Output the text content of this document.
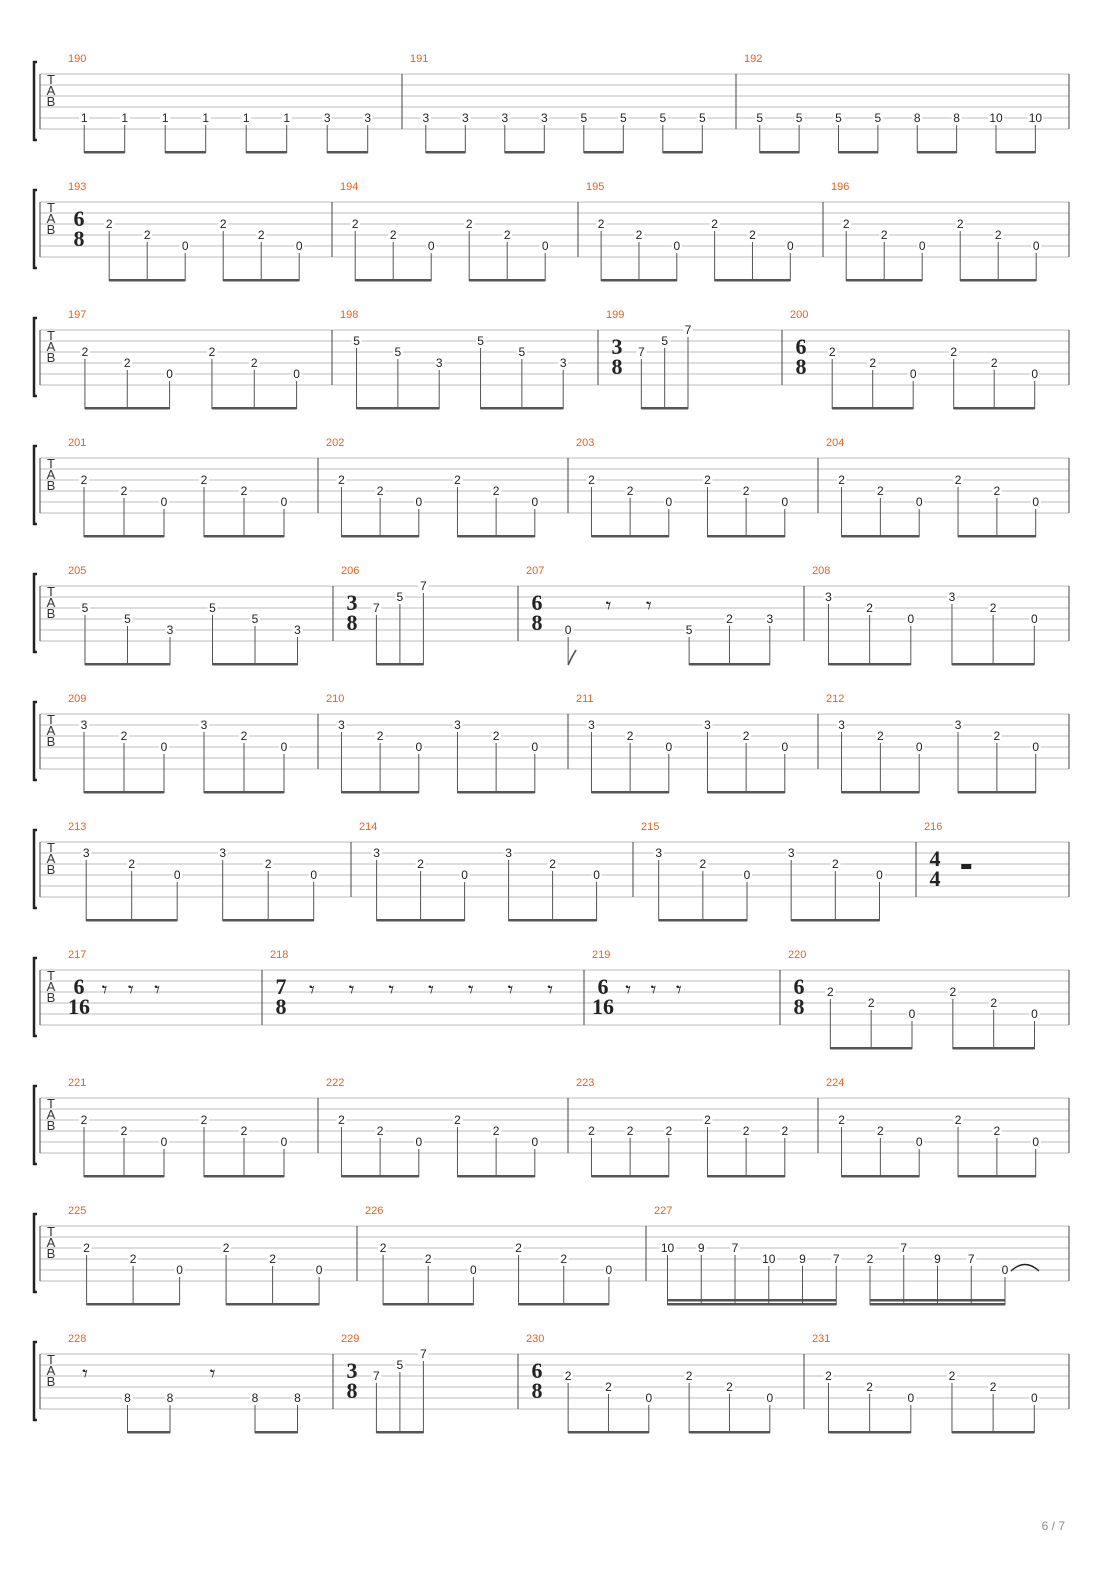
T
A
B
190
1	1	1	1	1	1	3	3
191
3	3	3	3	5	5	5	5
192
5	5	5	5	8	8 10 10
T
A
B
193
6
8
2
2
0
2
2
0
194
2
2
0
2
2
0
195
2
2
0
2
2
0
196
2
2
0
2
2
0
T
A
B
197
2
2
0
2
2
0
198
5
5
3
5
5
3
199
3
8
7
5
7
200
6
8
2
2
0
2
2
0
T
A
B
201
2
2
0
2
2
0
202
2
2
0
2
2
0
203
2
2
0
2
2
0
204
2
2
0
2
2
0
T
A
B
205
5
5
3
5
5
3
206
3
8
7
5
7
207
6
8 0	5
2	3
𝄾 𝄾
208
3
2
0
3
2
0
T
A
B
209
3
2
0
3
2
0
210
3
2
0
3
2
0
211
3
2
0
3
2
0
212
3
2
0
3
2
0
T
A
B
213
3
2
0
3
2
0
214
3
2
0
3
2
0
215
3
2
0
3
2
0
216
4
4
T
A
B
217
6
16
𝄾 𝄾 𝄾
218
7
8
𝄾 𝄾 𝄾 𝄾 𝄾 𝄾 𝄾
219
6
16
𝄾 𝄾 𝄾
220
6
8
2
2
0
2
2
0
T
A
B
221
2
2
0
2
2
0
222
2
2
0
2
2
0
223
2	2	2
2
2	2
224
2
2
0
2
2
0
T
A
B
225
2
2
0
2
2
0
226
2
2
0
2
2
0
227
10 9 7
10 9 7 2
7
9 7
0
T
A
B
228
8	8	8	8
𝄾	𝄾
229
3
8
7
5
7
230
6
8
2
2
0
2
2
0
231
2
2
0
2
2
0
6 / 7
